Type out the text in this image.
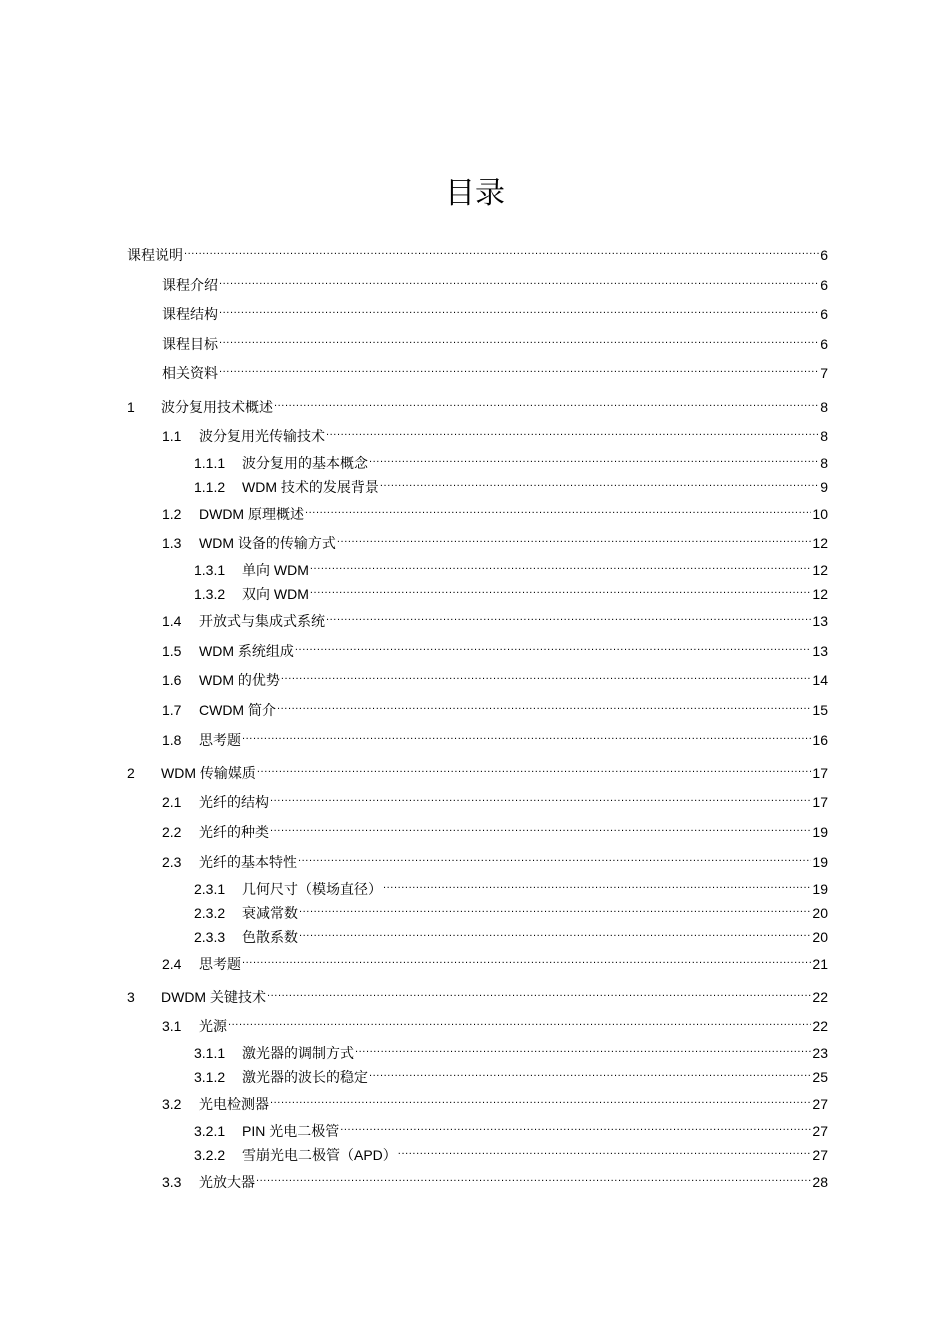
目录
课程说明 .....	6
课程介绍 .....	6
课程结构 .....	6
课程目标 .....	6
相关资料 .....	7
1	波分复用技术概述 .....	8
1.1	波分复用光传输技术 .....	8
1.1.1	波分复用的基本概念 .....	8
1.1.2	WDM 技术的发展背景 .....	9
1.2	DWDM 原理概述 .....	10
1.3	WDM 设备的传输方式 .....	12
1.3.1	单向 WDM .....	12
1.3.2	双向 WDM .....	12
1.4	开放式与集成式系统 .....	13
1.5	WDM 系统组成 .....	13
1.6	WDM 的优势 .....	14
1.7	CWDM 简介 .....	15
1.8	思考题 .....	16
2	WDM 传输媒质 .....	17
2.1	光纤的结构 .....	17
2.2	光纤的种类 .....	19
2.3	光纤的基本特性 .....	19
2.3.1	几何尺寸（模场直径） .....	19
2.3.2	衰减常数 .....	20
2.3.3	色散系数 .....	20
2.4	思考题 .....	21
3	DWDM 关键技术 .....	22
3.1	光源 .....	22
3.1.1	激光器的调制方式 .....	23
3.1.2	激光器的波长的稳定 .....	25
3.2	光电检测器 .....	27
3.2.1	PIN 光电二极管 .....	27
3.2.2	雪崩光电二极管（APD） .....	27
3.3	光放大器 .....	28
